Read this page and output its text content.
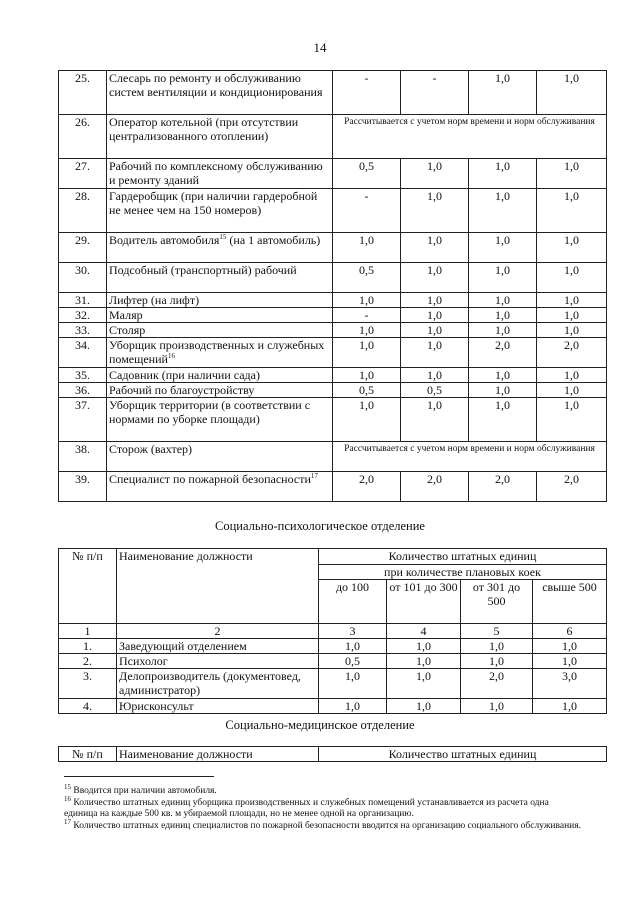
14
25.	Слесарь по ремонту и обслуживанию систем вентиляции и кондиционирования	-	-	1,0	1,0
26.	Оператор котельной (при отсутствии централизованного отоплении)	Рассчитывается с учетом норм времени и норм обслуживания			
27.	Рабочий по комплексному обслуживанию и ремонту зданий	0,5	1,0	1,0	1,0
28.	Гардеробщик (при наличии гардеробной не менее чем на 150 номеров)	-	1,0	1,0	1,0
29.	Водитель автомобиля$^{15}$ (на 1 автомобиль)	1,0	1,0	1,0	1,0
30.	Подсобный (транспортный) рабочий	0,5	1,0	1,0	1,0
31.	Лифтер (на лифт)	1,0	1,0	1,0	1,0
32.	Маляр	-	1,0	1,0	1,0
33.	Столяр	1,0	1,0	1,0	1,0
34.	Уборщик производственных и служебных помещений$^{16}$	1,0	1,0	2,0	2,0
35.	Садовник (при наличии сада)	1,0	1,0	1,0	1,0
36.	Рабочий по благоустройству	0,5	0,5	1,0	1,0
37.	Уборщик территории (в соответствии с нормами по уборке площади)	1,0	1,0	1,0	1,0
38.	Сторож (вахтер)	Рассчитывается с учетом норм времени и норм обслуживания			
39.	Специалист по пожарной безопасности$^{17}$	2,0	2,0	2,0	2,0
Социально-психологическое отделение
№ п/п	Наименование должности	Количество штатных единиц			
		при количестве плановых коек			
		до 100	от 101 до 300	от 301 до 500	свыше 500
1	2	3	4	5	6
1.	Заведующий отделением	1,0	1,0	1,0	1,0
2.	Психолог	0,5	1,0	1,0	1,0
3.	Делопроизводитель (документовед, администратор)	1,0	1,0	2,0	3,0
4.	Юрисконсульт	1,0	1,0	1,0	1,0
Социально-медицинское отделение
№ п/п	Наименование должности	Количество штатных единиц

$^{15}$ Вводится при наличии автомобиля.

$^{16}$ Количество штатных единиц уборщика производственных и служебных помещений устанавливается из расчета одна единица на каждые 500 кв. м убираемой площади, но не менее одной на организацию.

$^{17}$ Количество штатных единиц специалистов по пожарной безопасности вводится на организацию социального обслуживания.
